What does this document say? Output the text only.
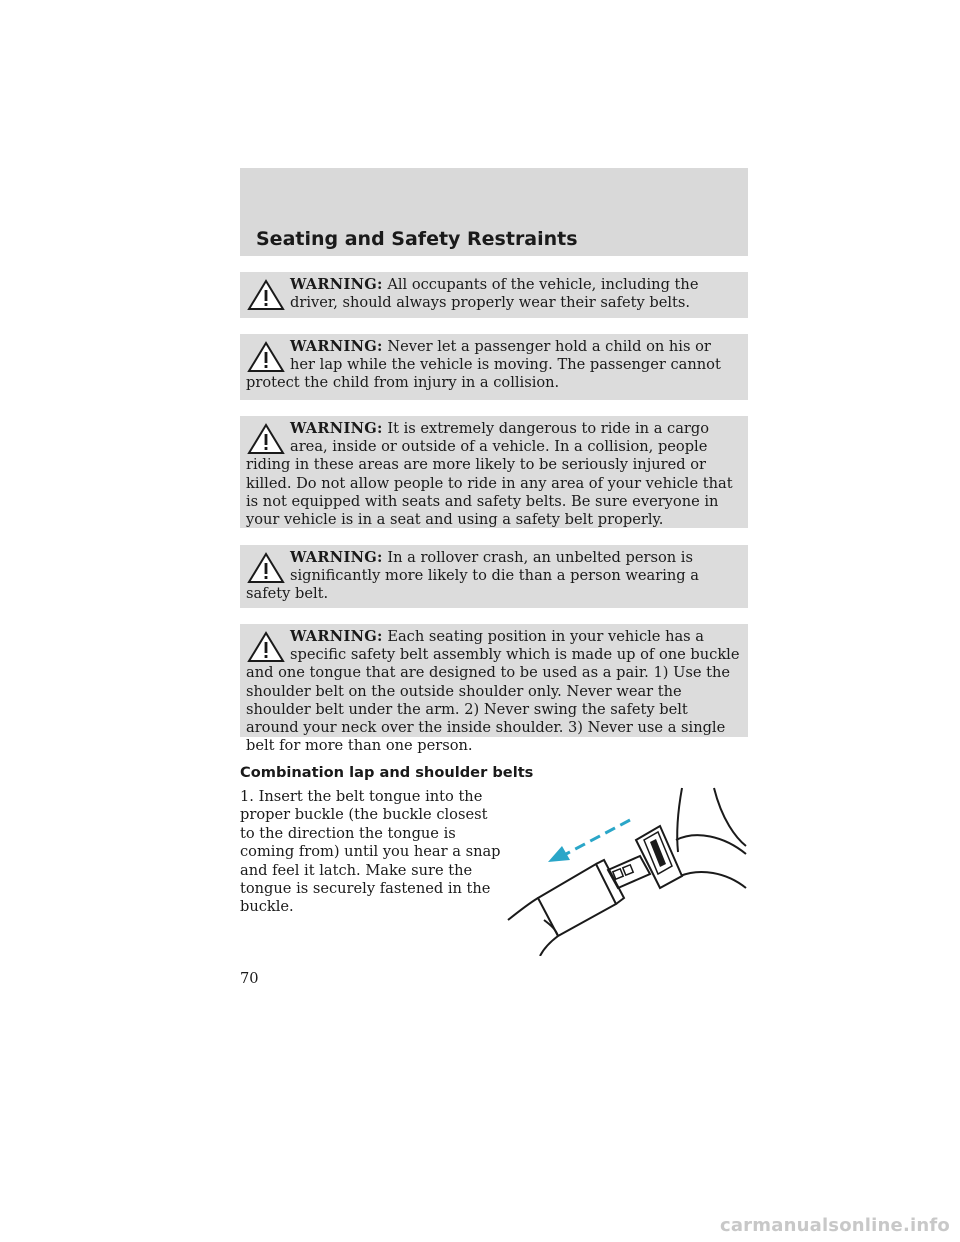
Seating and Safety Restraints
WARNING: All occupants of the vehicle, including the driver, should always properly wear their safety belts.
WARNING: Never let a passenger hold a child on his or her lap while the vehicle is moving. The passenger cannot protect the child from injury in a collision.
WARNING: It is extremely dangerous to ride in a cargo area, inside or outside of a vehicle. In a collision, people riding in these areas are more likely to be seriously injured or killed. Do not allow people to ride in any area of your vehicle that is not equipped with seats and safety belts. Be sure everyone in your vehicle is in a seat and using a safety belt properly.
WARNING: In a rollover crash, an unbelted person is significantly more likely to die than a person wearing a safety belt.
WARNING: Each seating position in your vehicle has a specific safety belt assembly which is made up of one buckle and one tongue that are designed to be used as a pair. 1) Use the shoulder belt on the outside shoulder only. Never wear the shoulder belt under the arm. 2) Never swing the safety belt around your neck over the inside shoulder. 3) Never use a single belt for more than one person.
Combination lap and shoulder belts
1. Insert the belt tongue into the proper buckle (the buckle closest to the direction the tongue is coming from) until you hear a snap and feel it latch. Make sure the tongue is securely fastened in the buckle.
70
carmanualsonline.info
